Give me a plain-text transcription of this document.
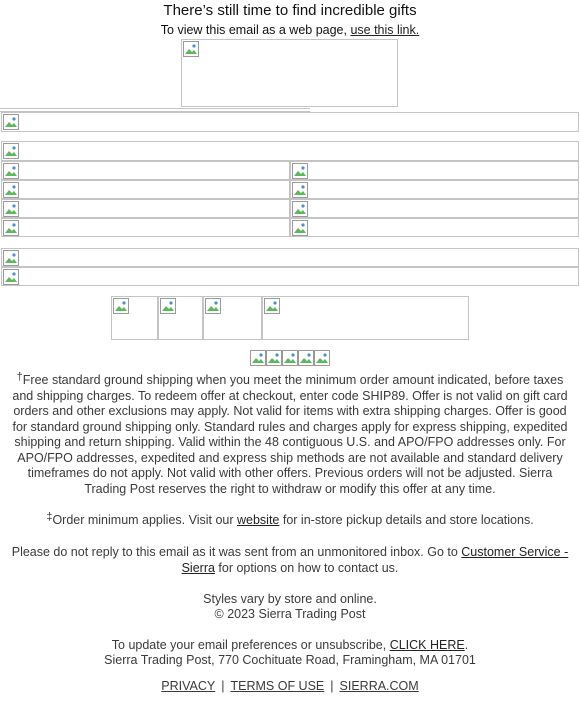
There’s still time to find incredible gifts
To view this email as a web page, use this link.
†Free standard ground shipping when you meet the minimum order amount indicated, before taxes and shipping charges. To redeem offer at checkout, enter code SHIP89. Offer is not valid on gift card orders and other exclusions may apply. Not valid for items with extra shipping charges. Offer is good for standard ground shipping only. Standard rules and charges apply for express shipping, expedited shipping and return shipping. Valid within the 48 contiguous U.S. and APO/FPO addresses only. For APO/FPO addresses, expedited and express ship methods are not available and standard delivery timeframes do not apply. Not valid with other offers. Previous orders will not be adjusted. Sierra Trading Post reserves the right to withdraw or modify this offer at any time.
‡Order minimum applies. Visit our website for in-store pickup details and store locations.
Please do not reply to this email as it was sent from an unmonitored inbox. Go to Customer Service - Sierra for options on how to contact us.
Styles vary by store and online.
© 2023 Sierra Trading Post
To update your email preferences or unsubscribe, CLICK HERE.
Sierra Trading Post, 770 Cochituate Road, Framingham, MA 01701
PRIVACY | TERMS OF USE | SIERRA.COM
